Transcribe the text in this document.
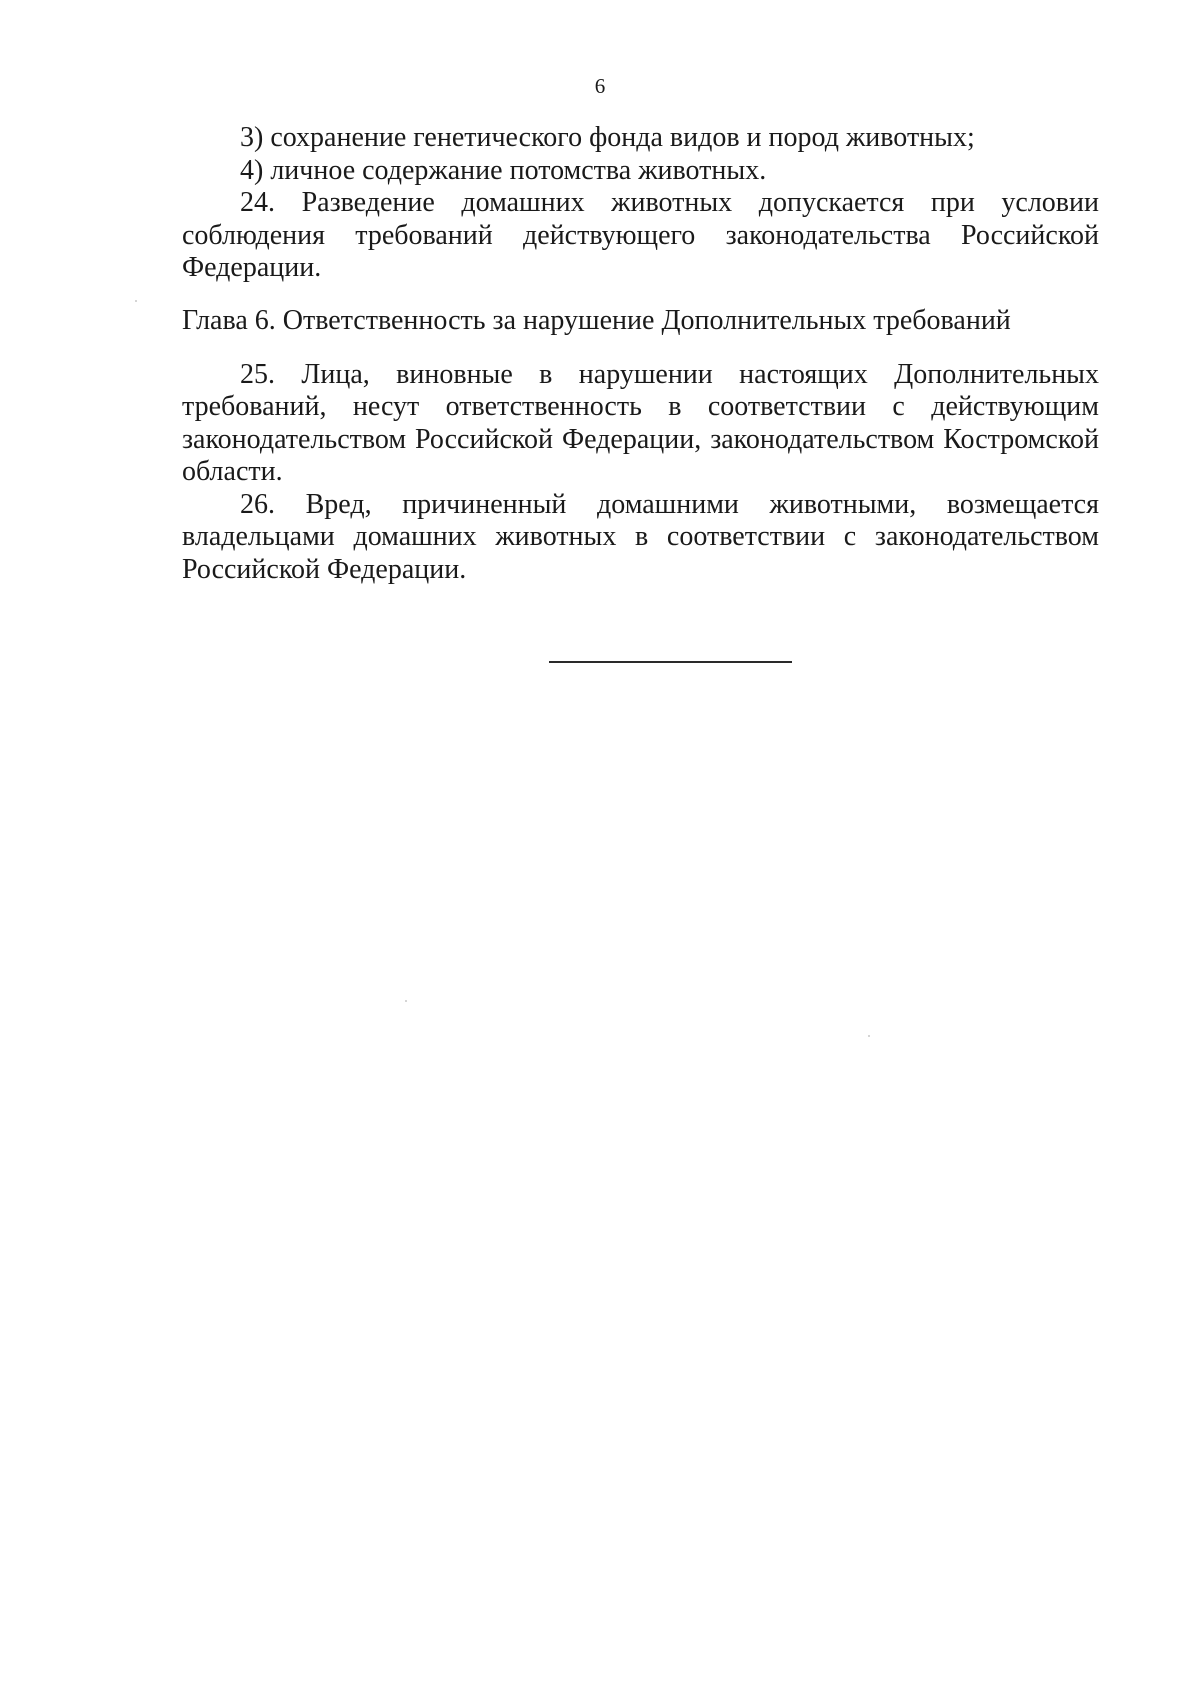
6

3) сохранение генетического фонда видов и пород животных;

4) личное содержание потомства животных.

24. Разведение домашних животных допускается при условии соблюдения требований действующего законодательства Российской Федерации.

Глава 6. Ответственность за нарушение Дополнительных требований

25. Лица, виновные в нарушении настоящих Дополнительных требований, несут ответственность в соответствии с действующим законодательством Российской Федерации, законодательством Костромской области.

26. Вред, причиненный домашними животными, возмещается владельцами домашних животных в соответствии с законодательством Российской Федерации.
